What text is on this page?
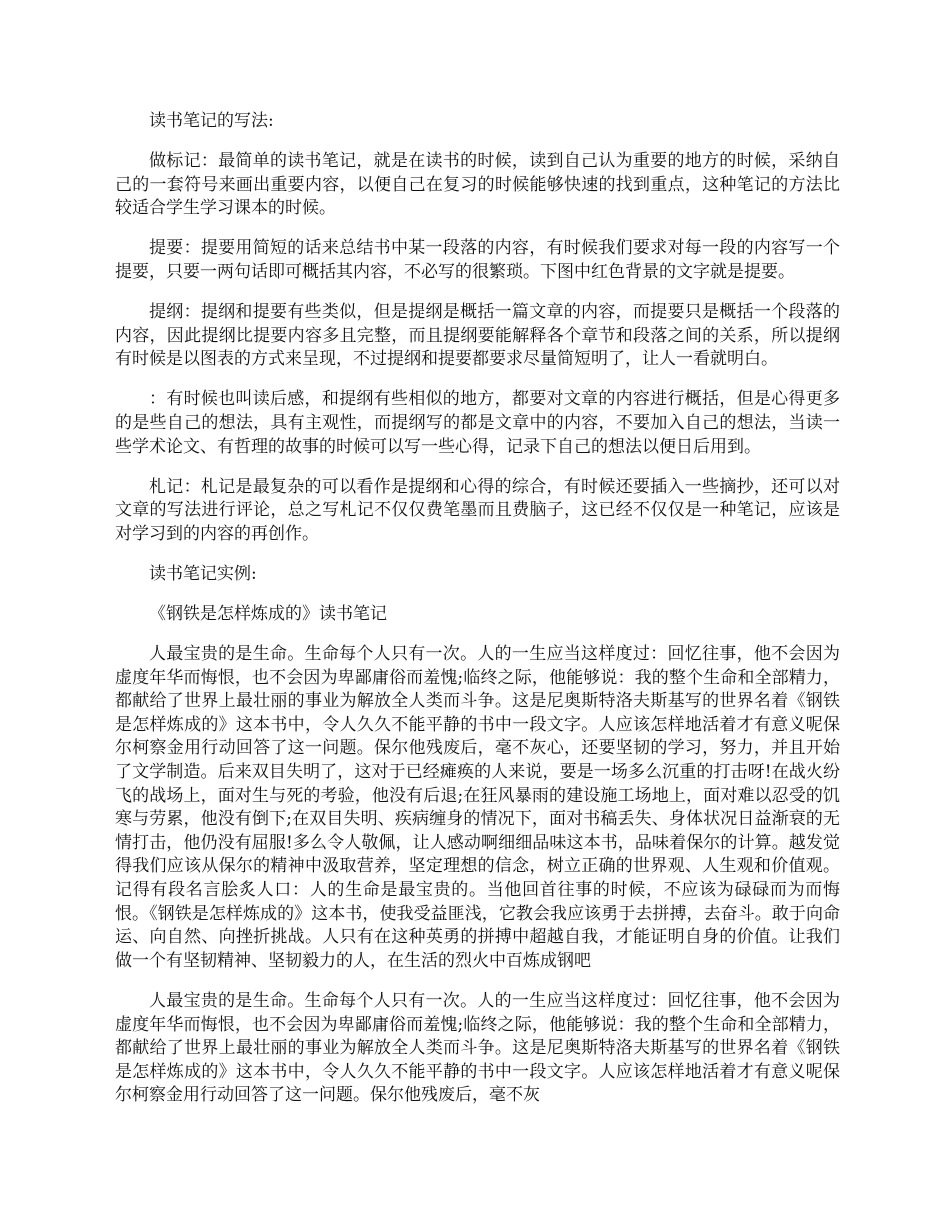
读书笔记的写法:

做标记：最简单的读书笔记，就是在读书的时候，读到自己认为重要的地方的时候，采纳自己的一套符号来画出重要内容，以便自己在复习的时候能够快速的找到重点，这种笔记的方法比较适合学生学习课本的时候。

提要：提要用简短的话来总结书中某一段落的内容，有时候我们要求对每一段的内容写一个提要，只要一两句话即可概括其内容，不必写的很繁琐。下图中红色背景的文字就是提要。

提纲：提纲和提要有些类似，但是提纲是概括一篇文章的内容，而提要只是概括一个段落的内容，因此提纲比提要内容多且完整，而且提纲要能解释各个章节和段落之间的关系，所以提纲有时候是以图表的方式来呈现，不过提纲和提要都要求尽量简短明了，让人一看就明白。

：有时候也叫读后感，和提纲有些相似的地方，都要对文章的内容进行概括，但是心得更多的是些自己的想法，具有主观性，而提纲写的都是文章中的内容，不要加入自己的想法，当读一些学术论文、有哲理的故事的时候可以写一些心得，记录下自己的想法以便日后用到。

札记：札记是最复杂的可以看作是提纲和心得的综合，有时候还要插入一些摘抄，还可以对文章的写法进行评论，总之写札记不仅仅费笔墨而且费脑子，这已经不仅仅是一种笔记，应该是对学习到的内容的再创作。

读书笔记实例:

《钢铁是怎样炼成的》读书笔记

人最宝贵的是生命。生命每个人只有一次。人的一生应当这样度过：回忆往事，他不会因为虚度年华而悔恨，也不会因为卑鄙庸俗而羞愧;临终之际，他能够说：我的整个生命和全部精力，都献给了世界上最壮丽的事业为解放全人类而斗争。这是尼奥斯特洛夫斯基写的世界名着《钢铁是怎样炼成的》这本书中，令人久久不能平静的书中一段文字。人应该怎样地活着才有意义呢保尔柯察金用行动回答了这一问题。保尔他残废后，毫不灰心，还要坚韧的学习，努力，并且开始了文学制造。后来双目失明了，这对于已经瘫痪的人来说，要是一场多么沉重的打击呀!在战火纷飞的战场上，面对生与死的考验，他没有后退;在狂风暴雨的建设施工场地上，面对难以忍受的饥寒与劳累，他没有倒下;在双目失明、疾病缠身的情况下，面对书稿丢失、身体状况日益渐衰的无情打击，他仍没有屈服!多么令人敬佩，让人感动啊细细品味这本书，品味着保尔的计算。越发觉得我们应该从保尔的精神中汲取营养，坚定理想的信念，树立正确的世界观、人生观和价值观。记得有段名言脍炙人口：人的生命是最宝贵的。当他回首往事的时候，不应该为碌碌而为而悔恨。《钢铁是怎样炼成的》这本书，使我受益匪浅，它教会我应该勇于去拼搏，去奋斗。敢于向命运、向自然、向挫折挑战。人只有在这种英勇的拼搏中超越自我，才能证明自身的价值。让我们做一个有坚韧精神、坚韧毅力的人，在生活的烈火中百炼成钢吧

人最宝贵的是生命。生命每个人只有一次。人的一生应当这样度过：回忆往事，他不会因为虚度年华而悔恨，也不会因为卑鄙庸俗而羞愧;临终之际，他能够说：我的整个生命和全部精力，都献给了世界上最壮丽的事业为解放全人类而斗争。这是尼奥斯特洛夫斯基写的世界名着《钢铁是怎样炼成的》这本书中，令人久久不能平静的书中一段文字。人应该怎样地活着才有意义呢保尔柯察金用行动回答了这一问题。保尔他残废后，毫不灰
